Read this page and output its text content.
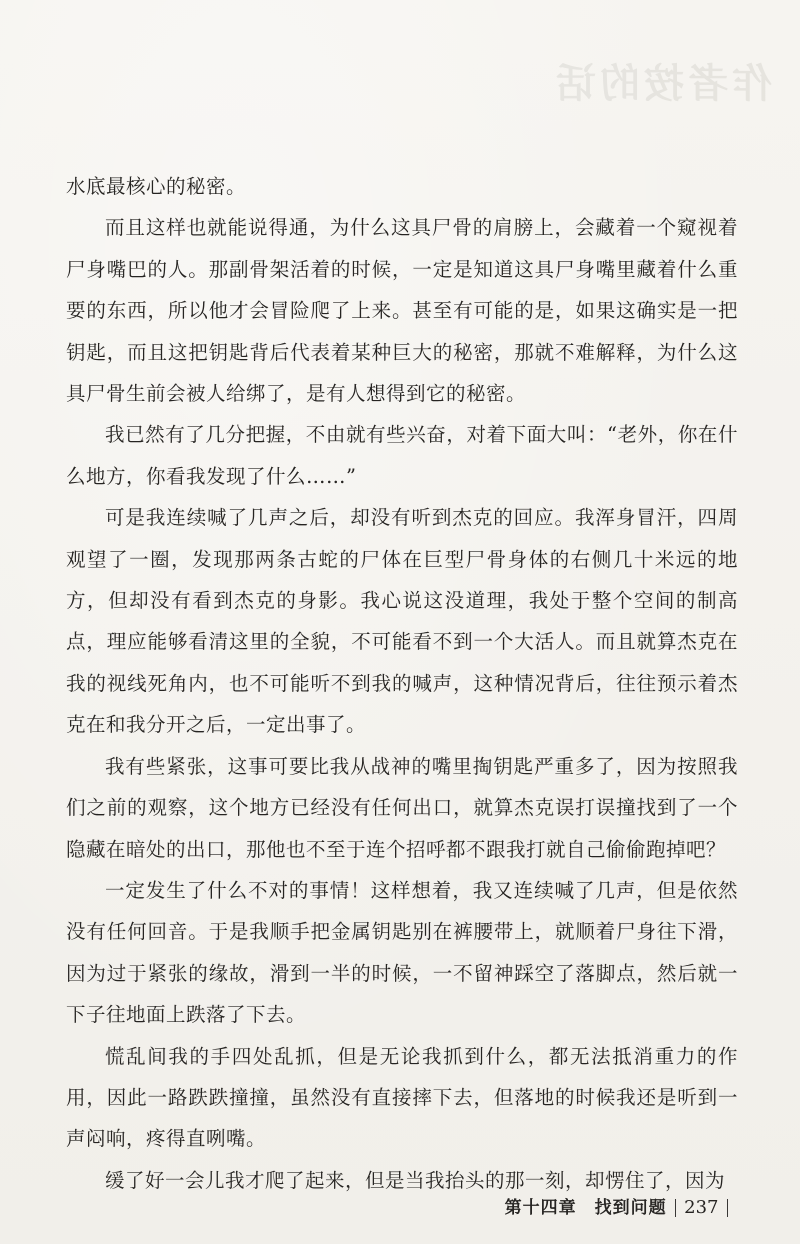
作者按的话

水底最核心的秘密。

而且这样也就能说得通，为什么这具尸骨的肩膀上，会藏着一个窥视着尸身嘴巴的人。那副骨架活着的时候，一定是知道这具尸身嘴里藏着什么重要的东西，所以他才会冒险爬了上来。甚至有可能的是，如果这确实是一把钥匙，而且这把钥匙背后代表着某种巨大的秘密，那就不难解释，为什么这具尸骨生前会被人给绑了，是有人想得到它的秘密。

我已然有了几分把握，不由就有些兴奋，对着下面大叫：“老外，你在什么地方，你看我发现了什么……”

可是我连续喊了几声之后，却没有听到杰克的回应。我浑身冒汗，四周观望了一圈，发现那两条古蛇的尸体在巨型尸骨身体的右侧几十米远的地方，但却没有看到杰克的身影。我心说这没道理，我处于整个空间的制高点，理应能够看清这里的全貌，不可能看不到一个大活人。而且就算杰克在我的视线死角内，也不可能听不到我的喊声，这种情况背后，往往预示着杰克在和我分开之后，一定出事了。

我有些紧张，这事可要比我从战神的嘴里掏钥匙严重多了，因为按照我们之前的观察，这个地方已经没有任何出口，就算杰克误打误撞找到了一个隐藏在暗处的出口，那他也不至于连个招呼都不跟我打就自己偷偷跑掉吧？

一定发生了什么不对的事情！这样想着，我又连续喊了几声，但是依然没有任何回音。于是我顺手把金属钥匙别在裤腰带上，就顺着尸身往下滑，因为过于紧张的缘故，滑到一半的时候，一不留神踩空了落脚点，然后就一下子往地面上跌落了下去。

慌乱间我的手四处乱抓，但是无论我抓到什么，都无法抵消重力的作用，因此一路跌跌撞撞，虽然没有直接摔下去，但落地的时候我还是听到一声闷响，疼得直咧嘴。

缓了好一会儿我才爬了起来，但是当我抬头的那一刻，却愣住了，因为

第十四章　找到问题 237
